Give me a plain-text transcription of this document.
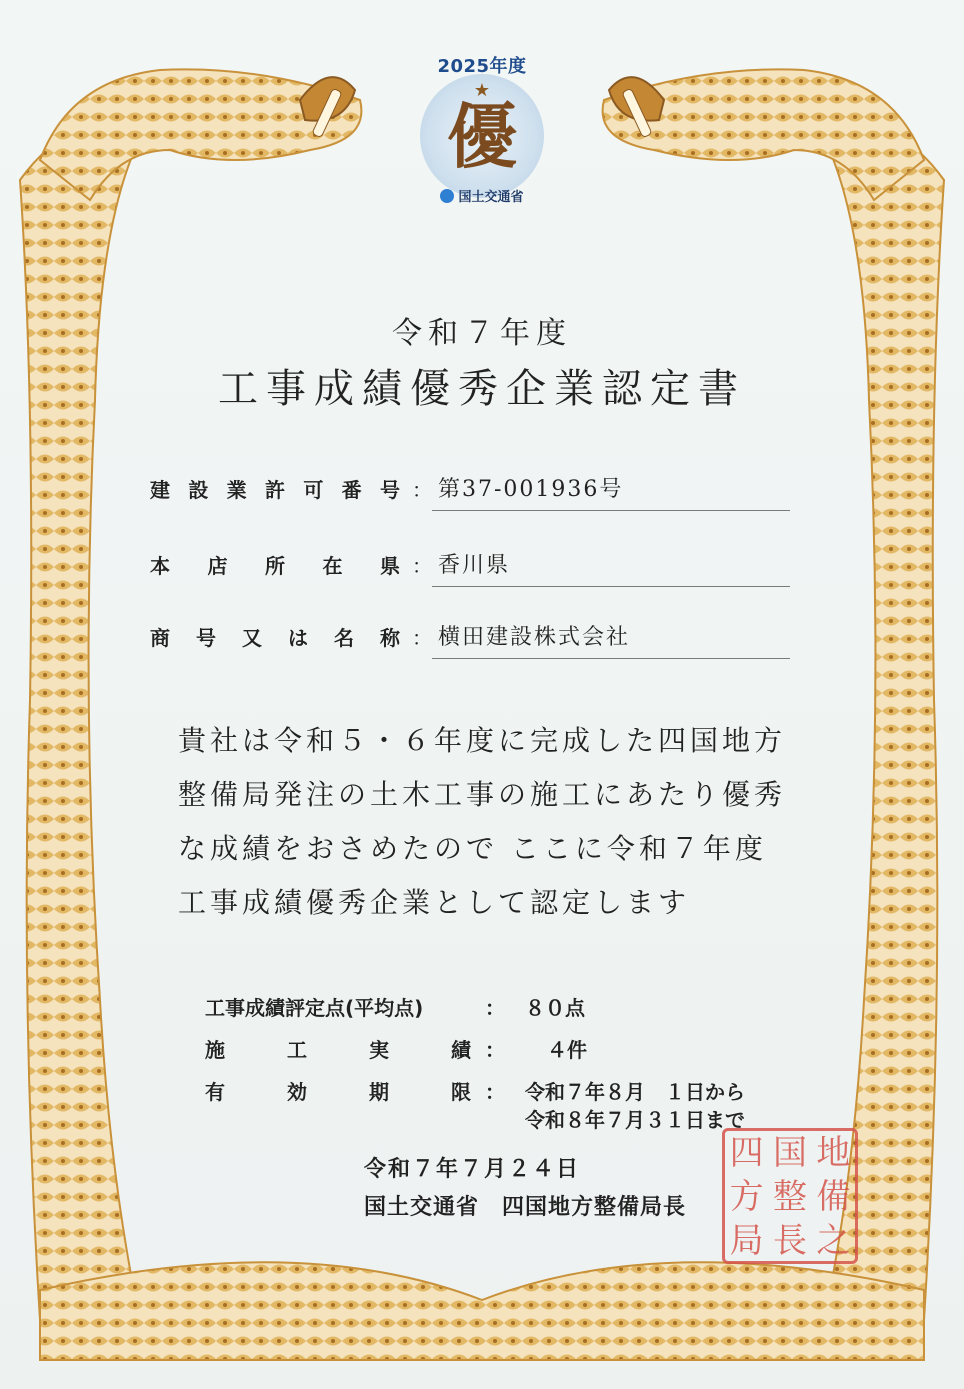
2025年度
★
優
国土交通省
令和７年度
工事成績優秀企業認定書
建 設 業 許 可 番 号 ： 第37-001936号
本 店 所 在 県 ： 香川県
商 号 又 は 名 称 ： 横田建設株式会社
貴社は令和５・６年度に完成した四国地方
整備局発注の土木工事の施工にあたり優秀
な成績をおさめたので ここに令和７年度
工事成績優秀企業として認定します
工事成績評定点(平均点)	： ８０点
施	工	実	績 ： ４件
有	効	期	限 ： 令和７年８月　１日から
令和８年７月３１日まで
令和７年７月２４日
国土交通省　四国地方整備局長
四 国 地
方 整 備
局 長 之
